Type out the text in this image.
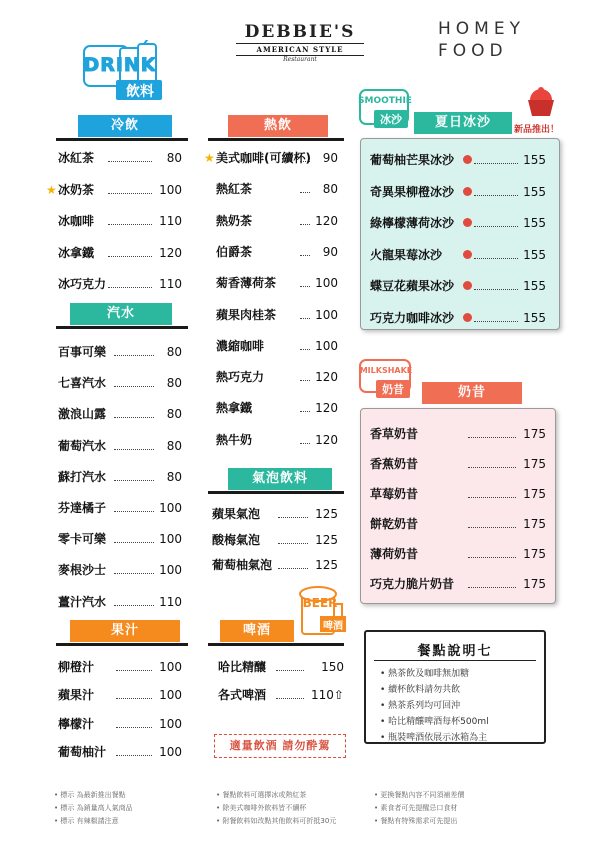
DRINK
飲料
DEBBIE'S
AMERICAN STYLE
Restaurant
HOMEY
FOOD
冷飲
冰紅茶	80
★ 冰奶茶	100
冰咖啡	110
冰拿鐵	120
冰巧克力	110
汽水
百事可樂	80
七喜汽水	80
激浪山露	80
葡萄汽水	80
蘇打汽水	80
芬達橘子	100
零卡可樂	100
麥根沙士	100
薑汁汽水	110
果汁
柳橙汁	100
蘋果汁	100
檸檬汁	100
葡萄柚汁	100
熱飲
★ 美式咖啡(可續杯) 90
熱紅茶	80
熱奶茶	120
伯爵茶	90
菊香薄荷茶	100
蘋果肉桂茶	100
濃縮咖啡	100
熱巧克力	120
熱拿鐵	120
熱牛奶	120
氣泡飲料
蘋果氣泡	125
酸梅氣泡	125
葡萄柚氣泡	125
啤酒
哈比精釀	150
各式啤酒	110⇧
BEER
啤酒
適量飲酒 請勿酔駕
SMOOTHIE
冰沙	夏日冰沙	新品推出！
葡萄柚芒果冰沙	155
奇異果柳橙冰沙	155
綠檸檬薄荷冰沙	155
火龍果莓冰沙	155
蝶豆花蘋果冰沙	155
巧克力咖啡冰沙	155
MILKSHAKE
奶昔	奶昔
香草奶昔	175
香蕉奶昔	175
草莓奶昔	175
餅乾奶昔	175
薄荷奶昔	175
巧克力脆片奶昔	175
餐點說明七
• 熱茶飲及咖啡無加糖
• 續杯飲料請勿共飲
• 熱茶系列均可回沖
• 哈比精釀啤酒每杯500ml
• 瓶裝啤酒依展示冰箱為主
• 標示 為最新推出餐點
• 標示 為銷量高人氣商品
• 標示 有辣椒請注意
• 餐點飲料可選擇冰或熱紅茶
• 除美式咖啡外飲料皆不續杯
• 附餐飲料如改點其他飲料可折抵30元
• 更換餐點內容不同須補差價
• 素食者可先提醒忌口食材
• 餐點有特殊需求可先提出
